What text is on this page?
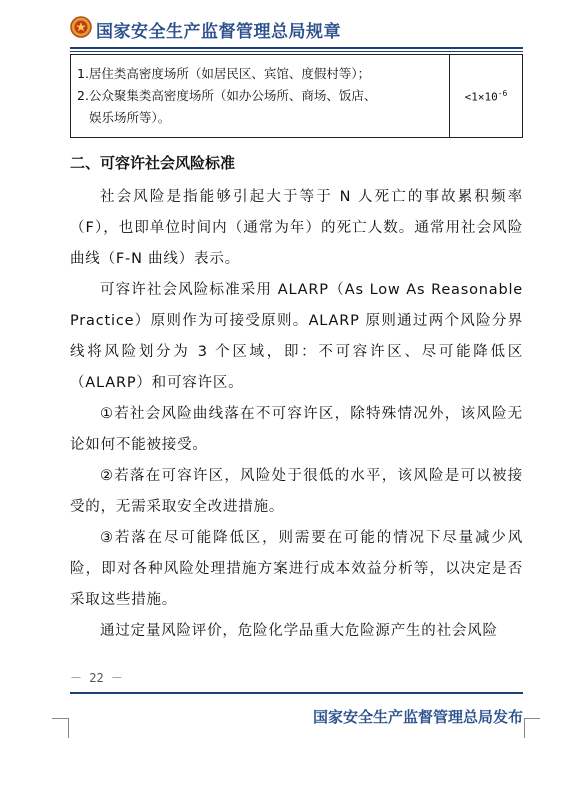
国家安全生产监督管理总局规章
1.居住类高密度场所（如居民区、宾馆、度假村等）；
2.公众聚集类高密度场所（如办公场所、商场、饭店、
娱乐场所等）。
	$<1\times 10^{-6}$
二、可容许社会风险标准

社会风险是指能够引起大于等于 N 人死亡的事故累积频率（F），也即单位时间内（通常为年）的死亡人数。通常用社会风险曲线（F-N 曲线）表示。

可容许社会风险标准采用 ALARP（As Low As Reasonable Practice）原则作为可接受原则。ALARP 原则通过两个风险分界线将风险划分为 3 个区域，即：不可容许区、尽可能降低区（ALARP）和可容许区。

①若社会风险曲线落在不可容许区，除特殊情况外，该风险无论如何不能被接受。

②若落在可容许区，风险处于很低的水平，该风险是可以被接受的，无需采取安全改进措施。

③若落在尽可能降低区，则需要在可能的情况下尽量减少风险，即对各种风险处理措施方案进行成本效益分析等，以决定是否采取这些措施。

通过定量风险评价，危险化学品重大危险源产生的社会风险

－ 22 －
国家安全生产监督管理总局发布
